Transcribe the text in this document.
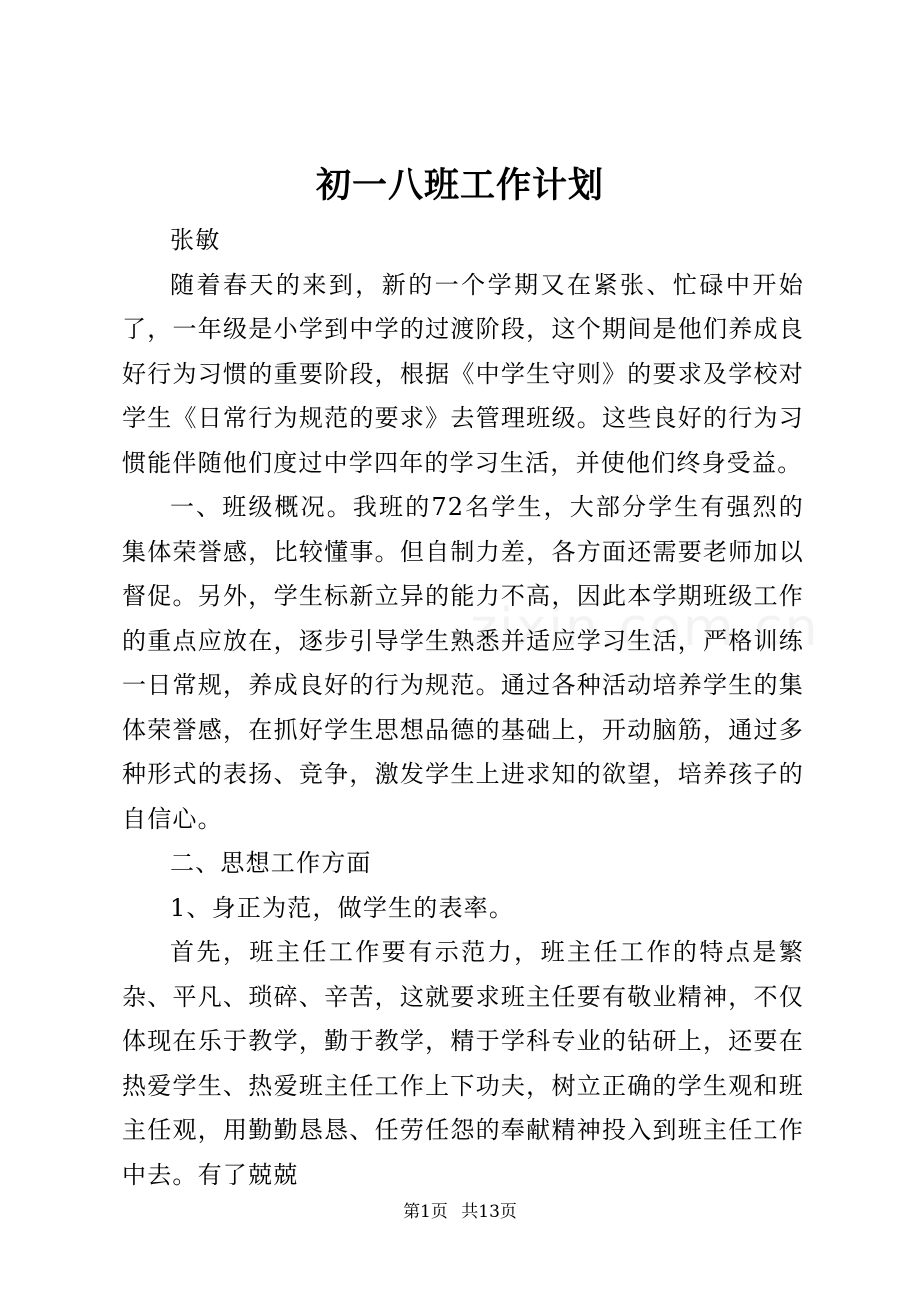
初一八班工作计划

张敏

随着春天的来到，新的一个学期又在紧张、忙碌中开始了，一年级是小学到中学的过渡阶段，这个期间是他们养成良好行为习惯的重要阶段，根据《中学生守则》的要求及学校对学生《日常行为规范的要求》去管理班级。这些良好的行为习惯能伴随他们度过中学四年的学习生活，并使他们终身受益。

一、班级概况。我班的72名学生，大部分学生有强烈的集体荣誉感，比较懂事。但自制力差，各方面还需要老师加以督促。另外，学生标新立异的能力不高，因此本学期班级工作的重点应放在，逐步引导学生熟悉并适应学习生活，严格训练一日常规，养成良好的行为规范。通过各种活动培养学生的集体荣誉感，在抓好学生思想品德的基础上，开动脑筋，通过多种形式的表扬、竞争，激发学生上进求知的欲望，培养孩子的自信心。

二、思想工作方面

1、身正为范，做学生的表率。

首先，班主任工作要有示范力，班主任工作的特点是繁杂、平凡、琐碎、辛苦，这就要求班主任要有敬业精神，不仅体现在乐于教学，勤于教学，精于学科专业的钻研上，还要在热爱学生、热爱班主任工作上下功夫，树立正确的学生观和班主任观，用勤勤恳恳、任劳任怨的奉献精神投入到班主任工作中去。有了兢兢

第1页 共13页
